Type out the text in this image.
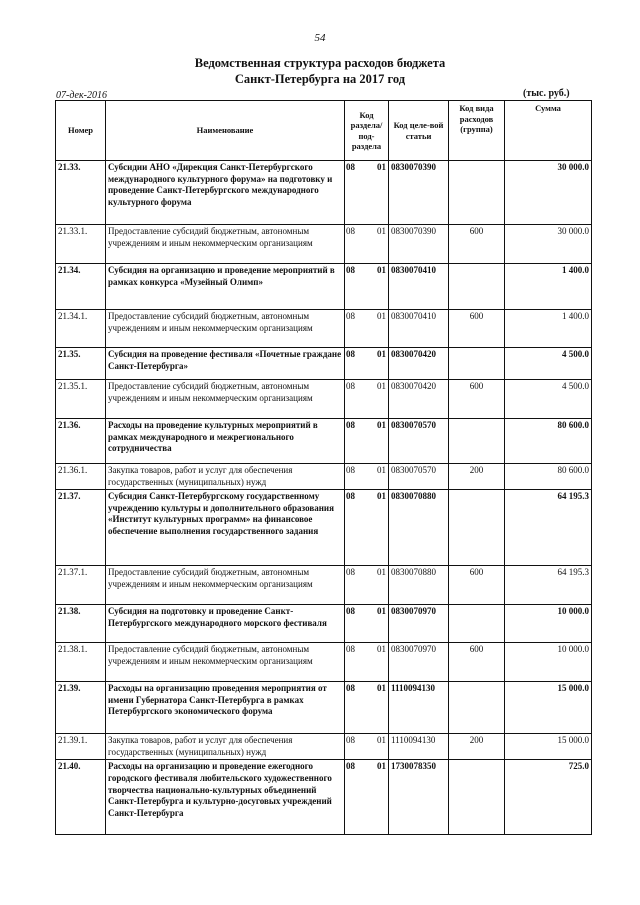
54
Ведомственная структура расходов бюджета
Санкт-Петербурга на 2017 год
07-дек-2016	(тыс. руб.)
Номер	Наименование	Код раздела/ под-раздела		Код целе-вой статьи	Код вида расходов (группа)	Сумма
21.33.	Субсидии АНО «Дирекция Санкт-Петербургского международного культурного форума» на подготовку и проведение Санкт-Петербургского международного культурного форума	08	01	0830070390		30 000.0
21.33.1.	Предоставление субсидий бюджетным, автономным учреждениям и иным некоммерческим организациям	08	01	0830070390	600	30 000.0
21.34.	Субсидия на организацию и проведение мероприятий в рамках конкурса «Музейный Олимп»	08	01	0830070410		1 400.0
21.34.1.	Предоставление субсидий бюджетным, автономным учреждениям и иным некоммерческим организациям	08	01	0830070410	600	1 400.0
21.35.	Субсидия на проведение фестиваля «Почетные граждане Санкт-Петербурга»	08	01	0830070420		4 500.0
21.35.1.	Предоставление субсидий бюджетным, автономным учреждениям и иным некоммерческим организациям	08	01	0830070420	600	4 500.0
21.36.	Расходы на проведение культурных мероприятий в рамках международного и межрегионального сотрудничества	08	01	0830070570		80 600.0
21.36.1.	Закупка товаров, работ и услуг для обеспечения государственных (муниципальных) нужд	08	01	0830070570	200	80 600.0
21.37.	Субсидия Санкт-Петербургскому государственному учреждению культуры и дополнительного образования «Институт культурных программ» на финансовое обеспечение выполнения государственного задания	08	01	0830070880		64 195.3
21.37.1.	Предоставление субсидий бюджетным, автономным учреждениям и иным некоммерческим организациям	08	01	0830070880	600	64 195.3
21.38.	Субсидия на подготовку и проведение Санкт-Петербургского международного морского фестиваля	08	01	0830070970		10 000.0
21.38.1.	Предоставление субсидий бюджетным, автономным учреждениям и иным некоммерческим организациям	08	01	0830070970	600	10 000.0
21.39.	Расходы на организацию проведения мероприятия от имени Губернатора Санкт-Петербурга в рамках Петербургского экономического форума	08	01	1110094130		15 000.0
21.39.1.	Закупка товаров, работ и услуг для обеспечения государственных (муниципальных) нужд	08	01	1110094130	200	15 000.0
21.40.	Расходы на организацию и проведение ежегодного городского фестиваля любительского художественного творчества национально-культурных объединений Санкт-Петербурга и культурно-досуговых учреждений Санкт-Петербурга	08	01	1730078350		725.0
